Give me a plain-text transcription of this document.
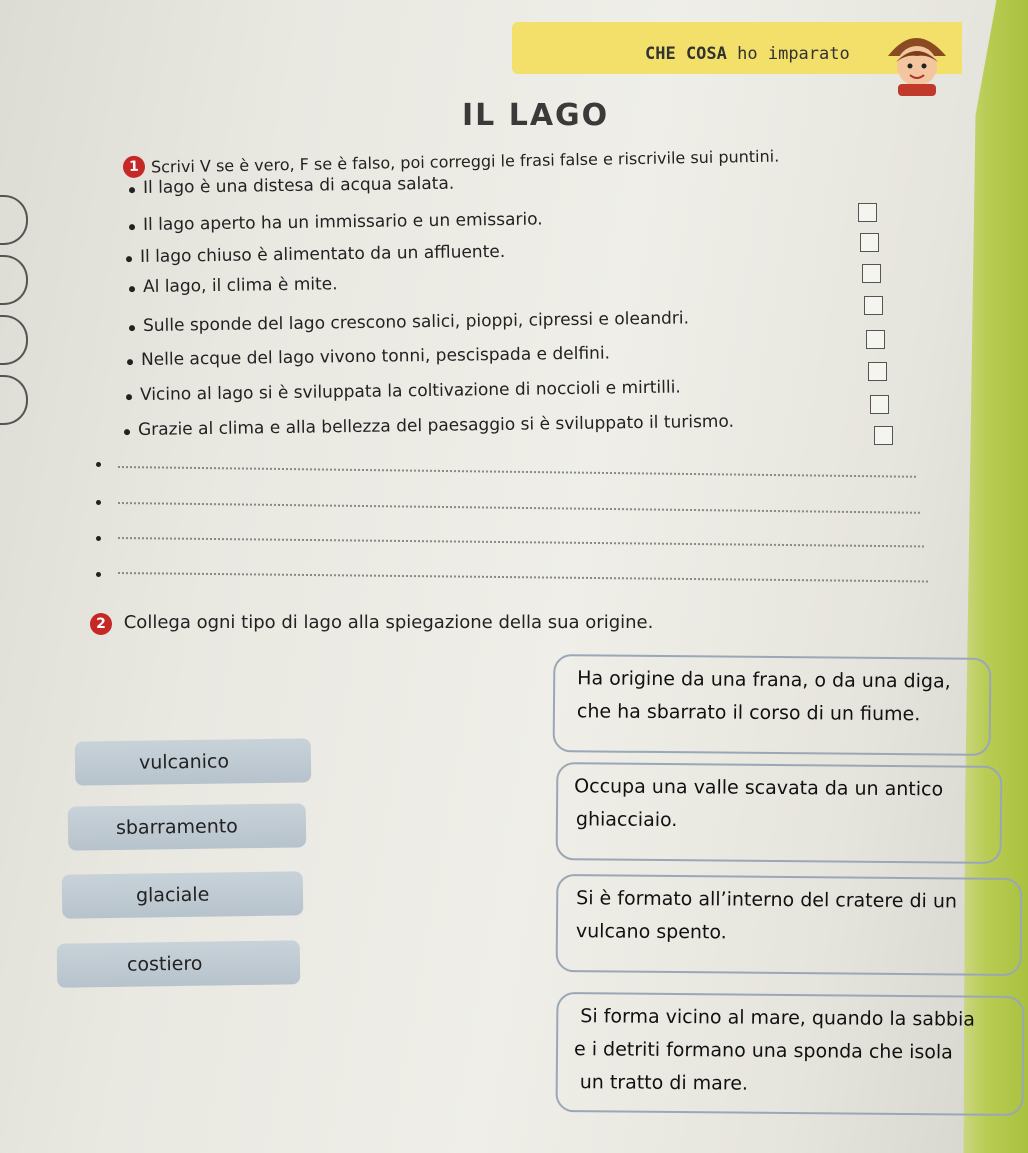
CHE COSA ho imparato
IL LAGO
1 Scrivi V se è vero, F se è falso, poi correggi le frasi false e riscrivile sui puntini.
Il lago è una distesa di acqua salata.
Il lago aperto ha un immissario e un emissario.
Il lago chiuso è alimentato da un affluente.
Al lago, il clima è mite.
Sulle sponde del lago crescono salici, pioppi, cipressi e oleandri.
Nelle acque del lago vivono tonni, pescispada e delfini.
Vicino al lago si è sviluppata la coltivazione di noccioli e mirtilli.
Grazie al clima e alla bellezza del paesaggio si è sviluppato il turismo.
2 Collega ogni tipo di lago alla spiegazione della sua origine.
vulcanico
sbarramento
glaciale
costiero
Ha origine da una frana, o da una diga,
che ha sbarrato il corso di un fiume.
Occupa una valle scavata da un antico
ghiacciaio.
Si è formato all’interno del cratere di un
vulcano spento.
Si forma vicino al mare, quando la sabbia
e i detriti formano una sponda che isola
un tratto di mare.
